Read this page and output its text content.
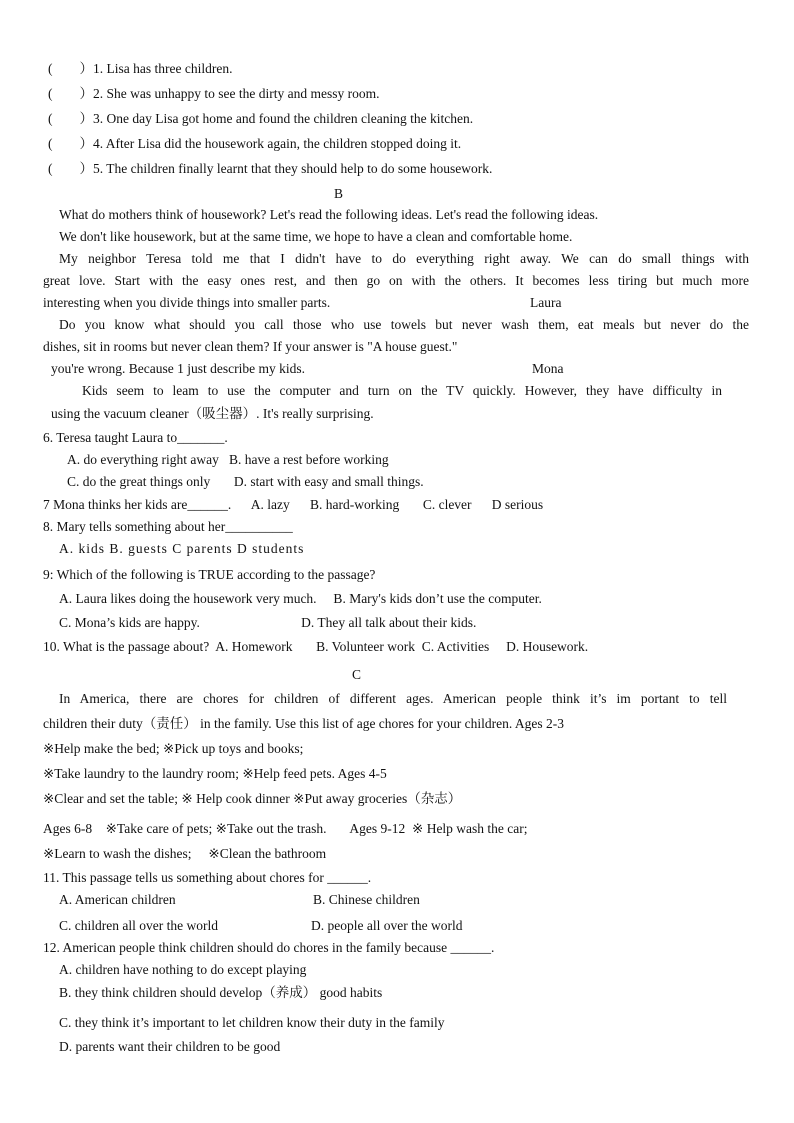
(        ）1. Lisa has three children.
(        ）2. She was unhappy to see the dirty and messy room.
(        ）3. One day Lisa got home and found the children cleaning the kitchen.
(        ）4. After Lisa did the housework again, the children stopped doing it.
(        ）5. The children finally learnt that they should help to do some housework.
B
What do mothers think of housework? Let's read the following ideas. Let's read the following ideas.
We don't like housework, but at the same time, we hope to have a clean and comfortable home.
My neighbor Teresa told me that I didn't have to do everything right away. We can do small things with
great love. Start with the easy ones rest, and then go on with the others. It becomes less tiring but much more
interesting when you divide things into smaller parts.	Laura
Do you know what should you call those who use towels but never wash them, eat meals but never do the
dishes, sit in rooms but never clean them? If your answer is "A house guest."
you're wrong. Because 1 just describe my kids.	Mona
Kids seem to leam to use the computer and turn on the TV quickly. However, they have difficulty in
using the vacuum cleaner（吸尘器）. It's really surprising.
6. Teresa taught Laura to_______.
A. do everything right away   B. have a rest before working
C. do the great things only       D. start with easy and small things.
7 Mona thinks her kids are______.      A. lazy      B. hard-working       C. clever      D serious
8. Mary tells something about her__________
A. kids B. guests C parents D students
9: Which of the following is TRUE according to the passage?
A. Laura likes doing the housework very much.     B. Mary's kids don’t use the computer.
C. Mona’s kids are happy.                              D. They all talk about their kids.
10. What is the passage about?  A. Homework       B. Volunteer work  C. Activities     D. Housework.
C
In America, there are chores for children of different ages. American people think it’s im portant to tell
children their duty（责任） in the family. Use this list of age chores for your children. Ages 2-3
※Help make the bed; ※Pick up toys and books;
※Take laundry to the laundry room; ※Help feed pets. Ages 4-5
※Clear and set the table; ※ Help cook dinner ※Put away groceries（杂志）
Ages 6-8    ※Take care of pets; ※Take out the trash.       Ages 9-12  ※ Help wash the car;
※Learn to wash the dishes;     ※Clean the bathroom
11. This passage tells us something about chores for ______.
A. American children	B. Chinese children
C. children all over the world	D. people all over the world
12. American people think children should do chores in the family because ______.
A. children have nothing to do except playing
B. they think children should develop（养成） good habits
C. they think it’s important to let children know their duty in the family
D. parents want their children to be good
